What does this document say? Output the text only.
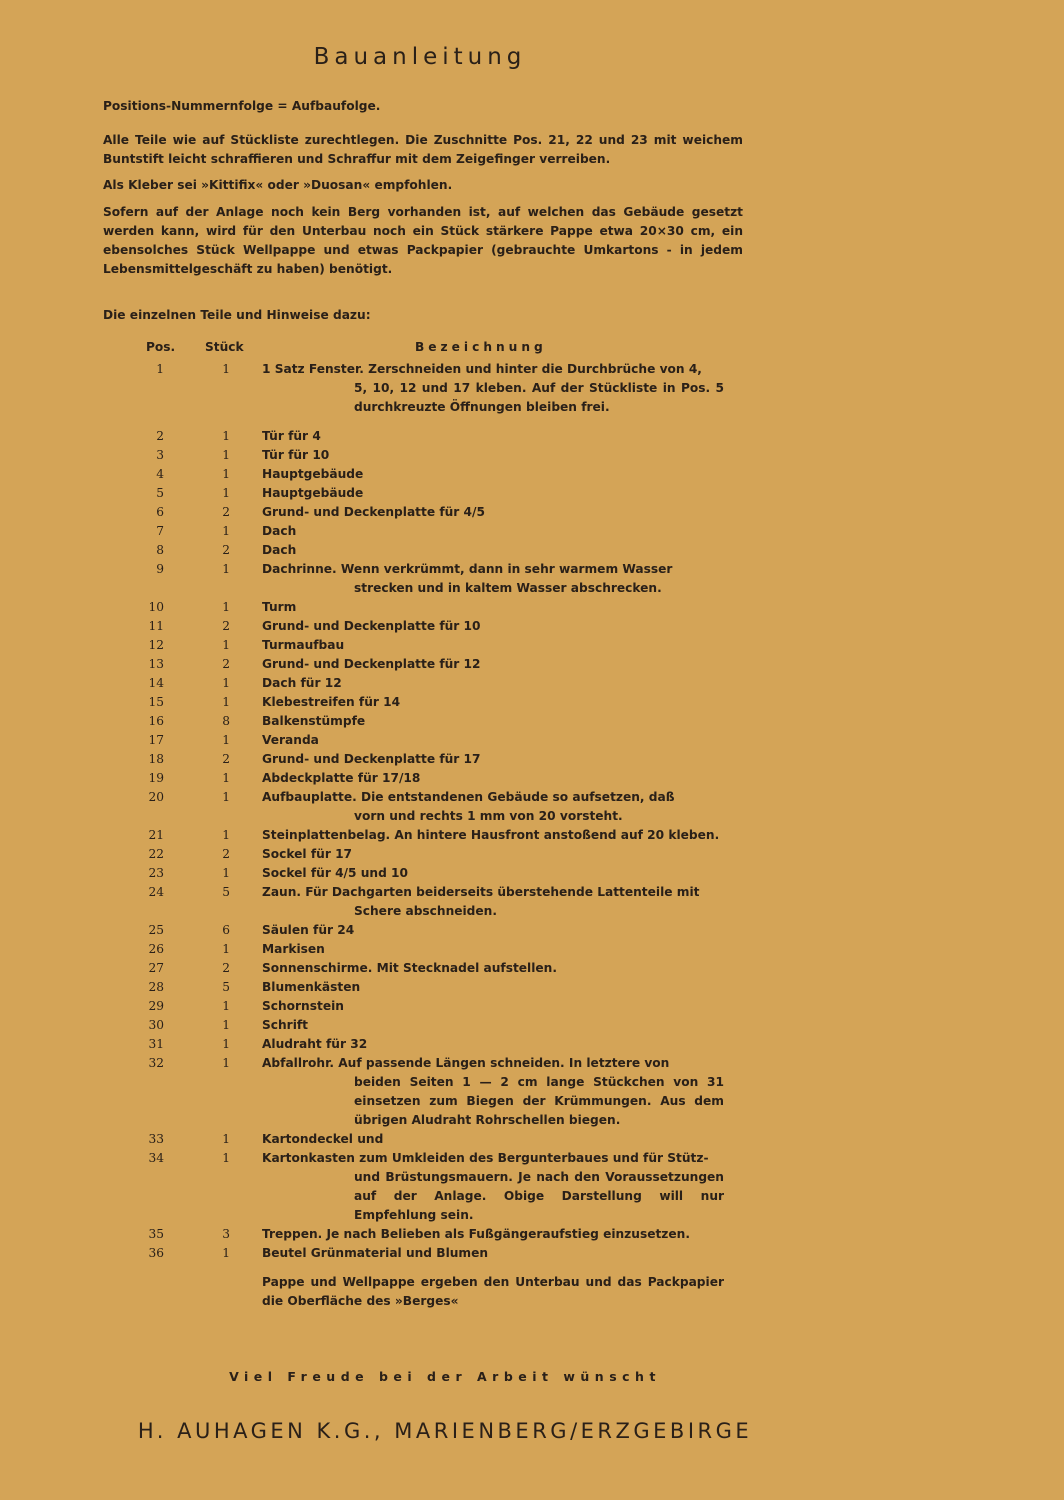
Bauanleitung

Positions-Nummernfolge = Aufbaufolge.

Alle Teile wie auf Stückliste zurechtlegen. Die Zuschnitte Pos. 21, 22 und 23 mit weichem Buntstift leicht schraffieren und Schraffur mit dem Zeigefinger verreiben.

Als Kleber sei »Kittifix« oder »Duosan« empfohlen.

Sofern auf der Anlage noch kein Berg vorhanden ist, auf welchen das Gebäude gesetzt werden kann, wird für den Unterbau noch ein Stück stärkere Pappe etwa 20×30 cm, ein ebensolches Stück Wellpappe und etwas Packpapier (gebrauchte Umkartons - in jedem Lebensmittelgeschäft zu haben) benötigt.

Die einzelnen Teile und Hinweise dazu:

Pos. Stück	Bezeichnung
1	1	1 Satz Fenster. Zerschneiden und hinter die Durchbrüche von 4,
5, 10, 12 und 17 kleben. Auf der Stückliste in Pos. 5 durchkreuzte Öffnungen bleiben frei.
2	1	Tür für 4
3	1	Tür für 10
4	1	Hauptgebäude
5	1	Hauptgebäude
6	2	Grund- und Deckenplatte für 4/5
7	1	Dach
8	2	Dach
9	1	Dachrinne. Wenn verkrümmt, dann in sehr warmem Wasser
strecken und in kaltem Wasser abschrecken.
10	1	Turm
11	2	Grund- und Deckenplatte für 10
12	1	Turmaufbau
13	2	Grund- und Deckenplatte für 12
14	1	Dach für 12
15	1	Klebestreifen für 14
16	8	Balkenstümpfe
17	1	Veranda
18	2	Grund- und Deckenplatte für 17
19	1	Abdeckplatte für 17/18
20	1	Aufbauplatte. Die entstandenen Gebäude so aufsetzen, daß
vorn und rechts 1 mm von 20 vorsteht.
21	1	Steinplattenbelag. An hintere Hausfront anstoßend auf 20 kleben.
22	2	Sockel für 17
23	1	Sockel für 4/5 und 10
24	5	Zaun. Für Dachgarten beiderseits überstehende Lattenteile mit
Schere abschneiden.
25	6	Säulen für 24
26	1	Markisen
27	2	Sonnenschirme. Mit Stecknadel aufstellen.
28	5	Blumenkästen
29	1	Schornstein
30	1	Schrift
31	1	Aludraht für 32
32	1	Abfallrohr. Auf passende Längen schneiden. In letztere von
beiden Seiten 1 — 2 cm lange Stückchen von 31 einsetzen zum Biegen der Krümmungen. Aus dem übrigen Aludraht Rohrschellen biegen.
33	1	Kartondeckel und
34	1	Kartonkasten zum Umkleiden des Bergunterbaues und für Stütz-
und Brüstungsmauern. Je nach den Voraussetzungen auf der Anlage. Obige Darstellung will nur Empfehlung sein.
35	3	Treppen. Je nach Belieben als Fußgängeraufstieg einzusetzen.
36	1	Beutel Grünmaterial und Blumen
Pappe und Wellpappe ergeben den Unterbau und das Packpapier die Oberfläche des »Berges«
Viel Freude bei der Arbeit wünscht
H. AUHAGEN K.G., MARIENBERG/ERZGEBIRGE
